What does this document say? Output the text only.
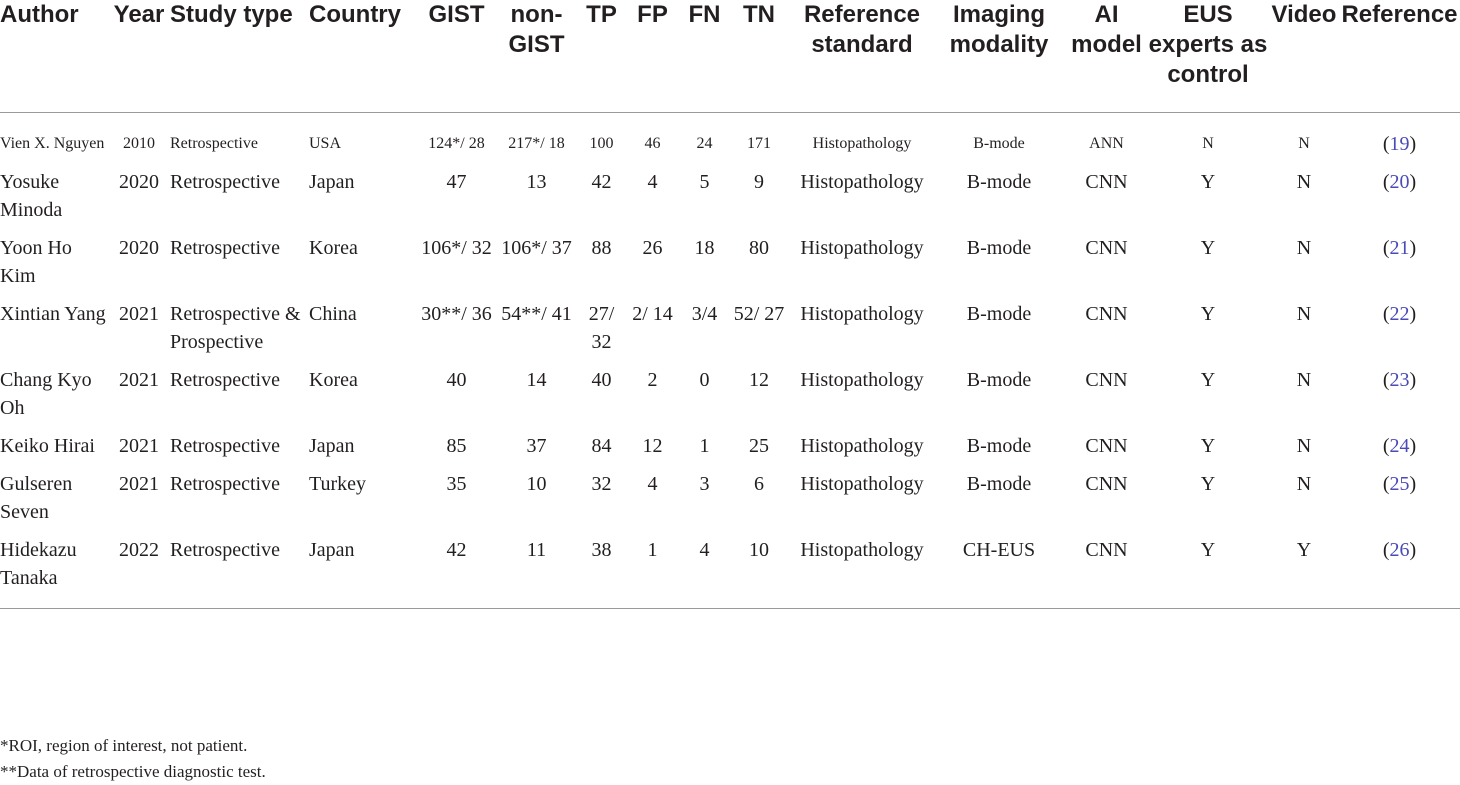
Author	Year	Study type	Country	GIST	non-GIST	TP	FP	FN	TN	Reference standard	Imaging modality	AI model	EUS experts as control	Video	Reference
Vien X. Nguyen	2010	Retrospective	USA	124*/ 28	217*/ 18	100	46	24	171	Histopathology	B-mode	ANN	N	N	(19)
Yosuke Minoda	2020	Retrospective	Japan	47	13	42	4	5	9	Histopathology	B-mode	CNN	Y	N	(20)
Yoon Ho Kim	2020	Retrospective	Korea	106*/ 32	106*/ 37	88	26	18	80	Histopathology	B-mode	CNN	Y	N	(21)
Xintian Yang	2021	Retrospective & Prospective	China	30**/ 36	54**/ 41	27/ 32	2/ 14	3/4	52/ 27	Histopathology	B-mode	CNN	Y	N	(22)
Chang Kyo Oh	2021	Retrospective	Korea	40	14	40	2	0	12	Histopathology	B-mode	CNN	Y	N	(23)
Keiko Hirai	2021	Retrospective	Japan	85	37	84	12	1	25	Histopathology	B-mode	CNN	Y	N	(24)
Gulseren Seven	2021	Retrospective	Turkey	35	10	32	4	3	6	Histopathology	B-mode	CNN	Y	N	(25)
Hidekazu Tanaka	2022	Retrospective	Japan	42	11	38	1	4	10	Histopathology	CH-EUS	CNN	Y	Y	(26)
*ROI, region of interest, not patient.
**Data of retrospective diagnostic test.
